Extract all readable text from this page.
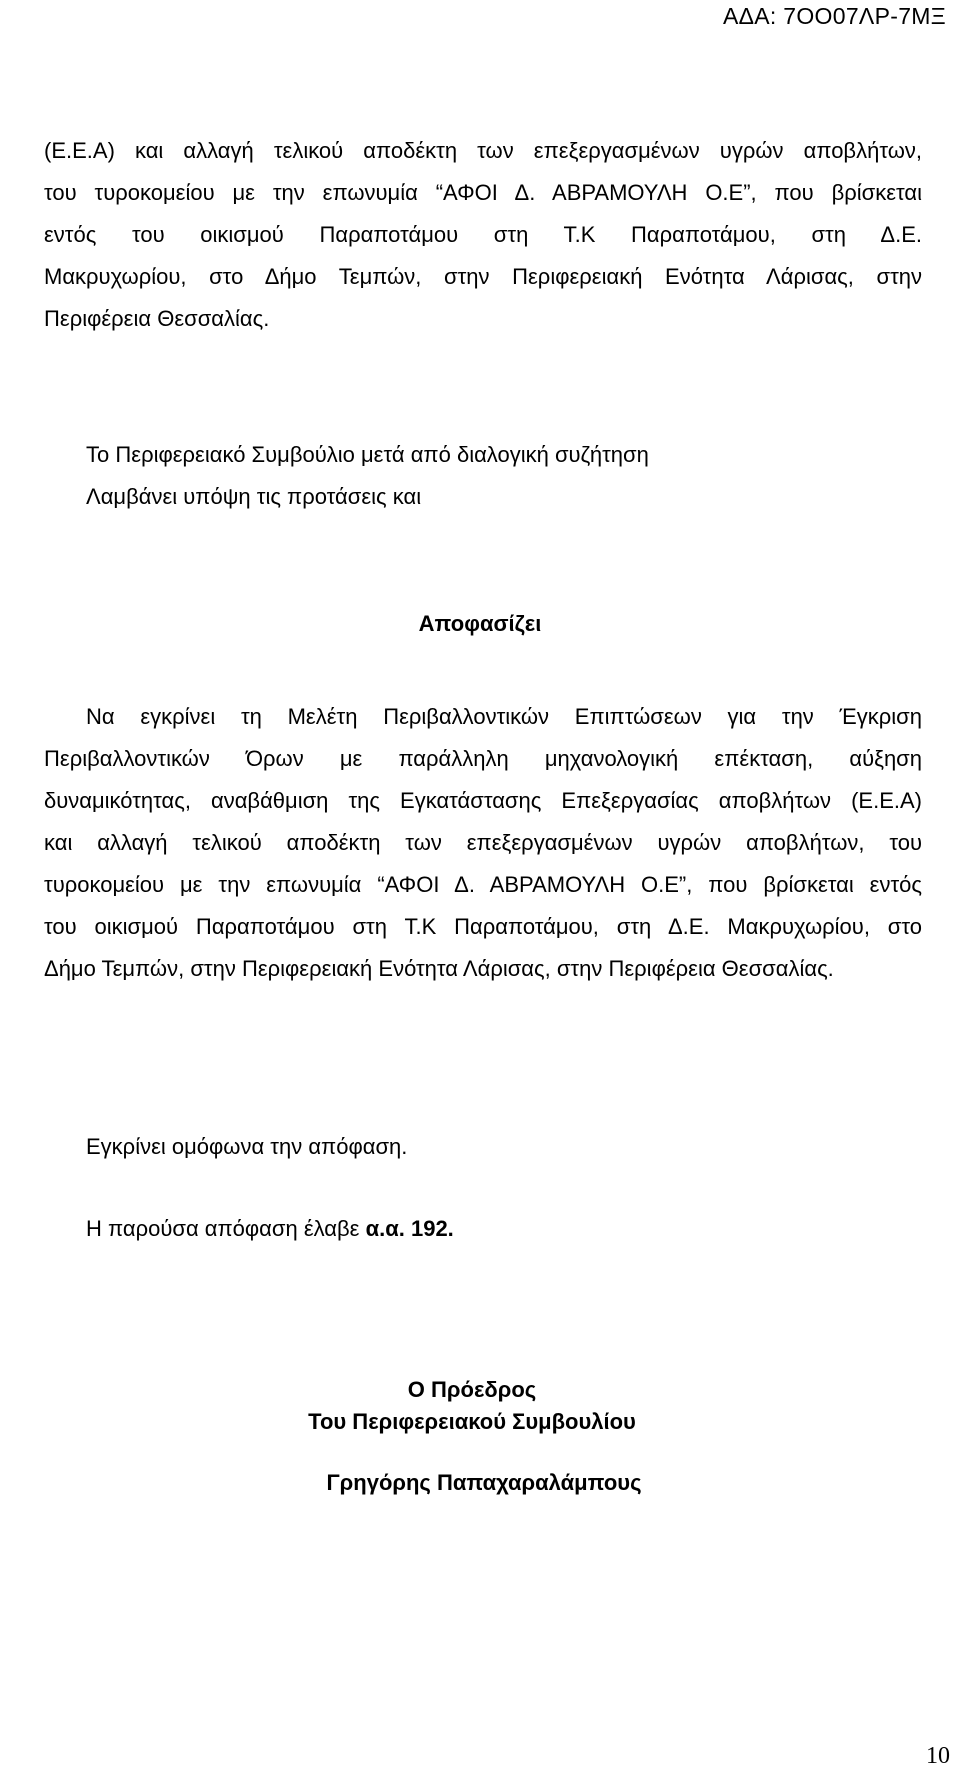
ΑΔΑ: 7ΟΟ07ΛΡ-7ΜΞ
(Ε.Ε.Α) και αλλαγή τελικού αποδέκτη των επεξεργασμένων υγρών αποβλήτων,
του τυροκομείου με την επωνυμία “ΑΦΟΙ Δ. ΑΒΡΑΜΟΥΛΗ Ο.Ε”, που βρίσκεται
εντός του οικισμού Παραποτάμου στη Τ.Κ Παραποτάμου, στη Δ.Ε.
Μακρυχωρίου, στο Δήμο Τεμπών, στην Περιφερειακή Ενότητα Λάρισας, στην
Περιφέρεια Θεσσαλίας.
Το Περιφερειακό Συμβούλιο μετά από διαλογική συζήτηση
Λαμβάνει υπόψη τις προτάσεις και
Αποφασίζει
Να εγκρίνει τη Μελέτη Περιβαλλοντικών Επιπτώσεων για την Έγκριση
Περιβαλλοντικών Όρων με παράλληλη μηχανολογική επέκταση, αύξηση
δυναμικότητας, αναβάθμιση της Εγκατάστασης Επεξεργασίας αποβλήτων (Ε.Ε.Α)
και αλλαγή τελικού αποδέκτη των επεξεργασμένων υγρών αποβλήτων, του
τυροκομείου με την επωνυμία “ΑΦΟΙ Δ. ΑΒΡΑΜΟΥΛΗ Ο.Ε”, που βρίσκεται εντός
του οικισμού Παραποτάμου στη Τ.Κ Παραποτάμου, στη Δ.Ε. Μακρυχωρίου, στο
Δήμο Τεμπών, στην Περιφερειακή Ενότητα Λάρισας, στην Περιφέρεια Θεσσαλίας.
Εγκρίνει ομόφωνα την απόφαση.
Η παρούσα απόφαση έλαβε α.α. 192.
Ο Πρόεδρος
Του Περιφερειακού Συμβουλίου
Γρηγόρης Παπαχαραλάμπους
10
